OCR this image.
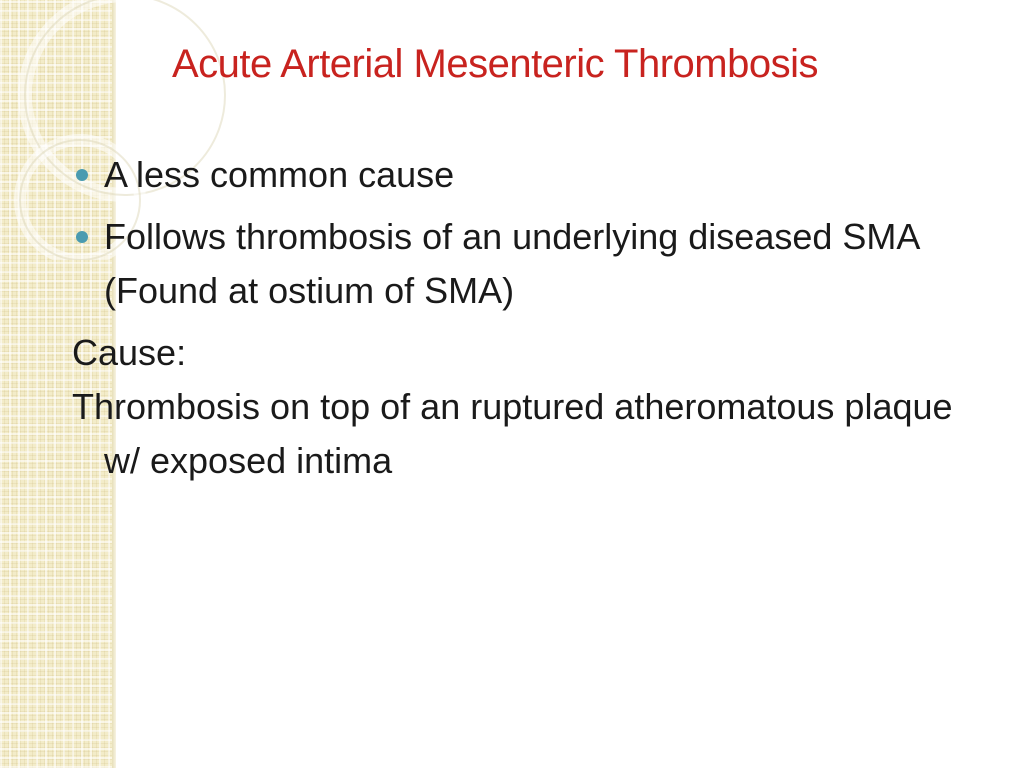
Acute Arterial Mesenteric Thrombosis
A less common cause
Follows thrombosis of an underlying diseased SMA (Found at ostium of SMA)

Cause:

Thrombosis on top of an ruptured atheromatous plaque w/ exposed intima
